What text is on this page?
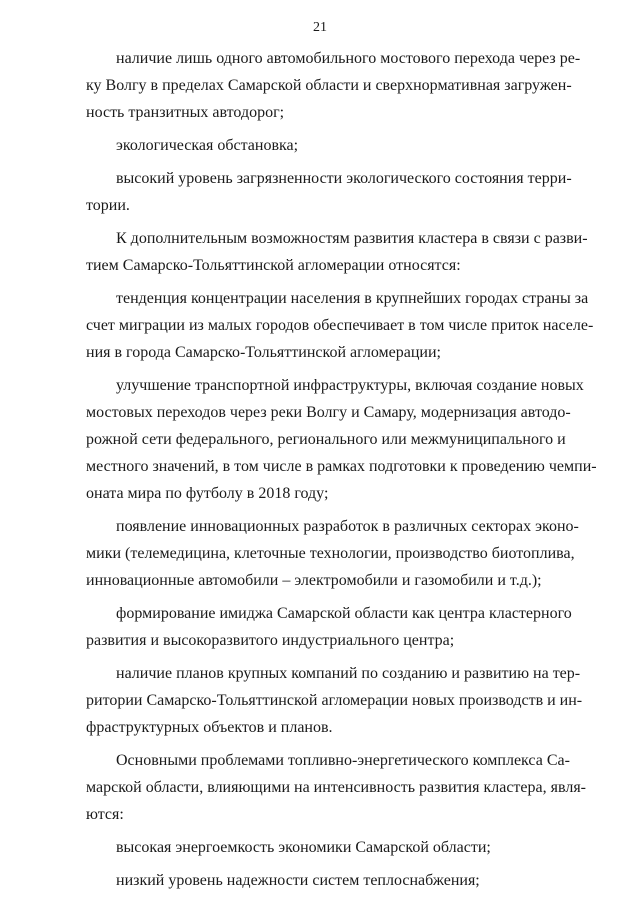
21

наличие лишь одного автомобильного мостового перехода через ре-
ку Волгу в пределах Самарской области и сверхнормативная загружен-
ность транзитных автодорог;

экологическая обстановка;

высокий уровень загрязненности экологического состояния терри-
тории.

К дополнительным возможностям развития кластера в связи с разви-
тием Самарско-Тольяттинской агломерации относятся:

тенденция концентрации населения в крупнейших городах страны за
счет миграции из малых городов обеспечивает в том числе приток населе-
ния в города Самарско-Тольяттинской агломерации;

улучшение транспортной инфраструктуры, включая создание новых
мостовых переходов через реки Волгу и Самару, модернизация автодо-
рожной сети федерального, регионального или межмуниципального и
местного значений, в том числе в рамках подготовки к проведению чемпи-
оната мира по футболу в 2018 году;

появление инновационных разработок в различных секторах эконо-
мики (телемедицина, клеточные технологии, производство биотоплива,
инновационные автомобили – электромобили и газомобили и т.д.);

формирование имиджа Самарской области как центра кластерного
развития и высокоразвитого индустриального центра;

наличие планов крупных компаний по созданию и развитию на тер-
ритории Самарско-Тольяттинской агломерации новых производств и ин-
фраструктурных объектов и планов.

Основными проблемами топливно-энергетического комплекса Са-
марской области, влияющими на интенсивность развития кластера, явля-
ются:

высокая энергоемкость экономики Самарской области;

низкий уровень надежности систем теплоснабжения;
